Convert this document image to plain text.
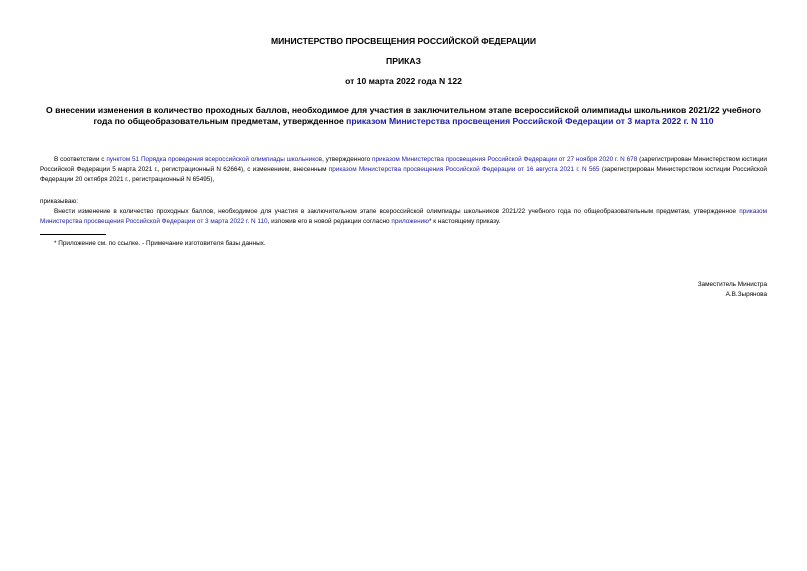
МИНИСТЕРСТВО ПРОСВЕЩЕНИЯ РОССИЙСКОЙ ФЕДЕРАЦИИ
ПРИКАЗ
от 10 марта 2022 года N 122
О внесении изменения в количество проходных баллов, необходимое для участия в заключительном этапе всероссийской олимпиады школьников 2021/22 учебного года по общеобразовательным предметам, утвержденное приказом Министерства просвещения Российской Федерации от 3 марта 2022 г. N 110
В соответствии с пунктом 51 Порядка проведения всероссийской олимпиады школьников, утвержденного приказом Министерства просвещения Российской Федерации от 27 ноября 2020 г. N 678 (зарегистрирован Министерством юстиции Российской Федерации 5 марта 2021 г., регистрационный N 62664), с изменением, внесенным приказом Министерства просвещения Российской Федерации от 16 августа 2021 г. N 565 (зарегистрирован Министерством юстиции Российской Федерации 20 октября 2021 г., регистрационный N 65495),
приказываю:
Внести изменение в количество проходных баллов, необходимое для участия в заключительном этапе всероссийской олимпиады школьников 2021/22 учебного года по общеобразовательным предметам, утвержденное приказом Министерства просвещения Российской Федерации от 3 марта 2022 г. N 110, изложив его в новой редакции согласно приложению* к настоящему приказу.
* Приложение см. по ссылке. - Примечание изготовителя базы данных.
Заместитель Министра
А.В.Зырянова
